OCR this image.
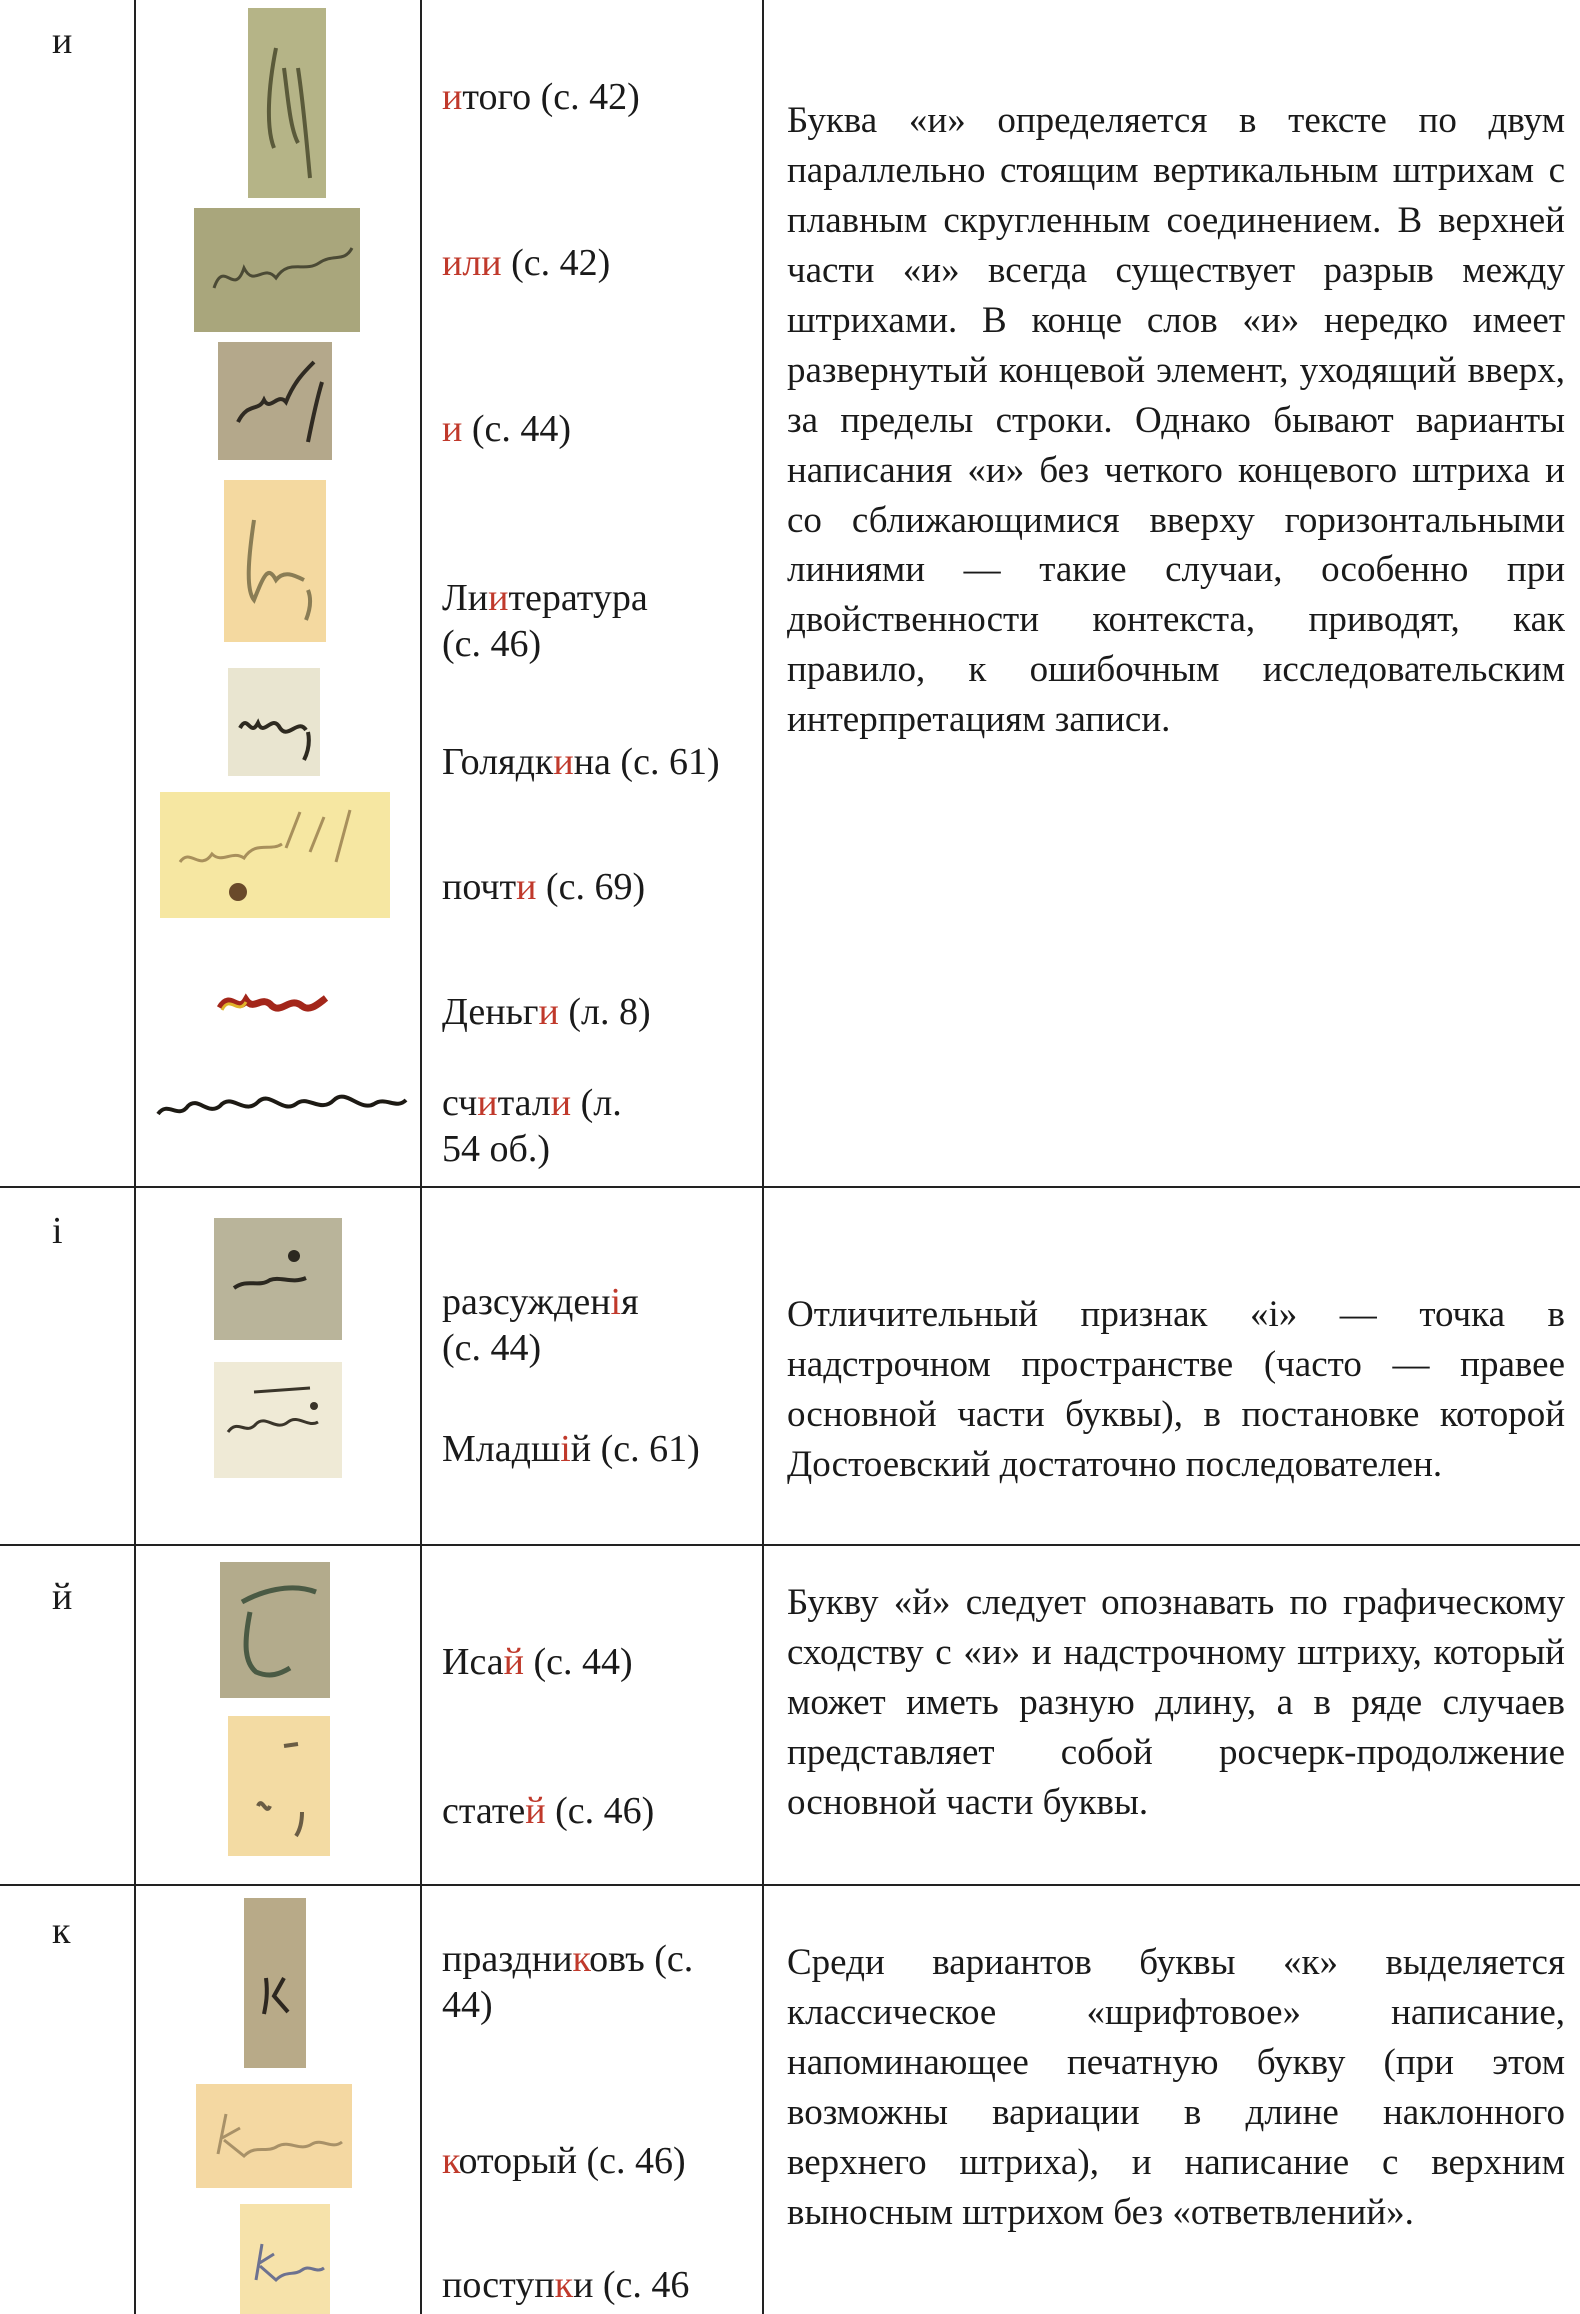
и
итого (с. 42)
или (с. 42)
и (с. 44)
Лиитература (с. 46)
Голядкина (с. 61)
почти (с. 69)
Деньги (л. 8)
считали (л. 54 об.)
Буква «и» определяется в тексте по двум параллельно стоящим вертикальным штрихам с плавным скругленным соединением. В верхней части «и» всегда существует разрыв между штрихами. В конце слов «и» нередко имеет развернутый концевой элемент, уходящий вверх, за пределы строки. Однако бывают варианты написания «и» без четкого концевого штриха и со сближающимися вверху горизонтальными линиями — такие случаи, особенно при двойственности контекста, приводят, как правило, к ошибочным исследовательским интерпретациям записи.
і
разсужденія (с. 44)
Младшій (с. 61)
Отличительный признак «і» — точка в надстрочном пространстве (часто — правее основной части буквы), в постановке которой Достоевский достаточно последователен.
й
Исай (с. 44)
статей (с. 46)
Букву «й» следует опознавать по графическому сходству с «и» и надстрочному штриху, который может иметь разную длину, а в ряде случаев представляет собой росчерк-продолжение основной части буквы.
к
праздниковъ (с. 44)
который (с. 46)
поступки (с. 46
Среди вариантов буквы «к» выделяется классическое «шрифтовое» написание, напоминающее печатную букву (при этом возможны вариации в длине наклонного верхнего штриха), и написание с верхним выносным штрихом без «ответвлений».
